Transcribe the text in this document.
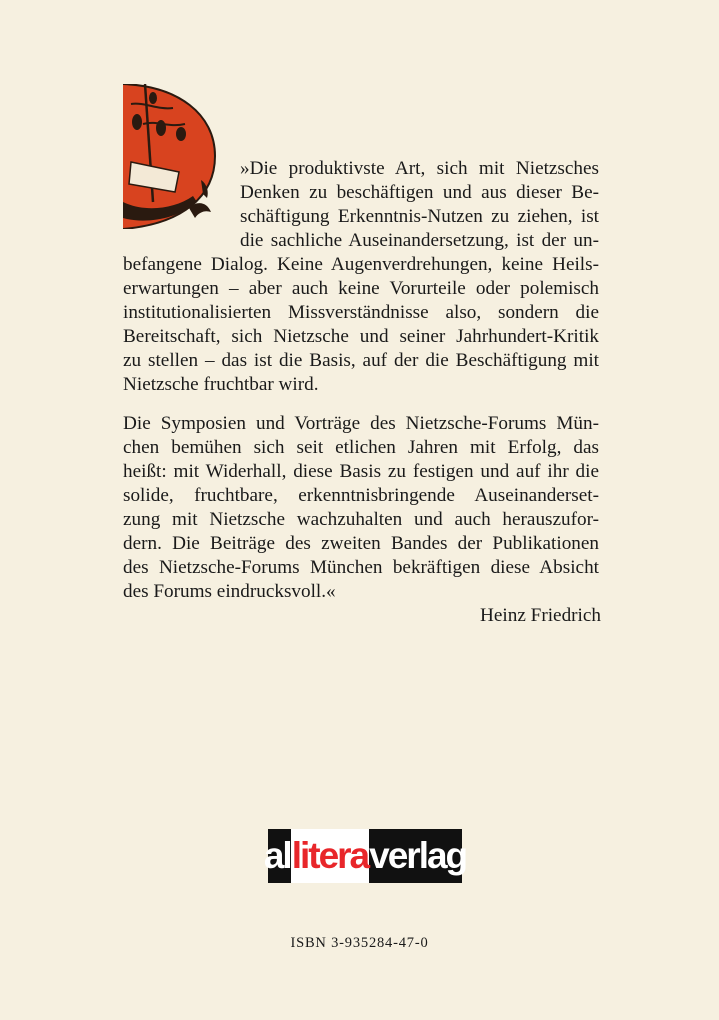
»Die produktivste Art, sich mit Nietzsches
Denken zu beschäftigen und aus dieser Be-
schäftigung Erkenntnis-Nutzen zu ziehen, ist
die sachliche Auseinandersetzung, ist der un-
befangene Dialog. Keine Augenverdrehungen, keine Heils-
erwartungen – aber auch keine Vorurteile oder polemisch
institutionalisierten Missverständnisse also, sondern die
Bereitschaft, sich Nietzsche und seiner Jahrhundert-Kritik
zu stellen – das ist die Basis, auf der die Beschäftigung mit
Nietzsche fruchtbar wird.
Die Symposien und Vorträge des Nietzsche-Forums Mün-
chen bemühen sich seit etlichen Jahren mit Erfolg, das
heißt: mit Widerhall, diese Basis zu festigen und auf ihr die
solide, fruchtbare, erkenntnisbringende Auseinanderset-
zung mit Nietzsche wachzuhalten und auch herauszufor-
dern. Die Beiträge des zweiten Bandes der Publikationen
des Nietzsche-Forums München bekräftigen diese Absicht
des Forums eindrucksvoll.«
Heinz Friedrich
al litera verlag
ISBN 3-935284-47-0
